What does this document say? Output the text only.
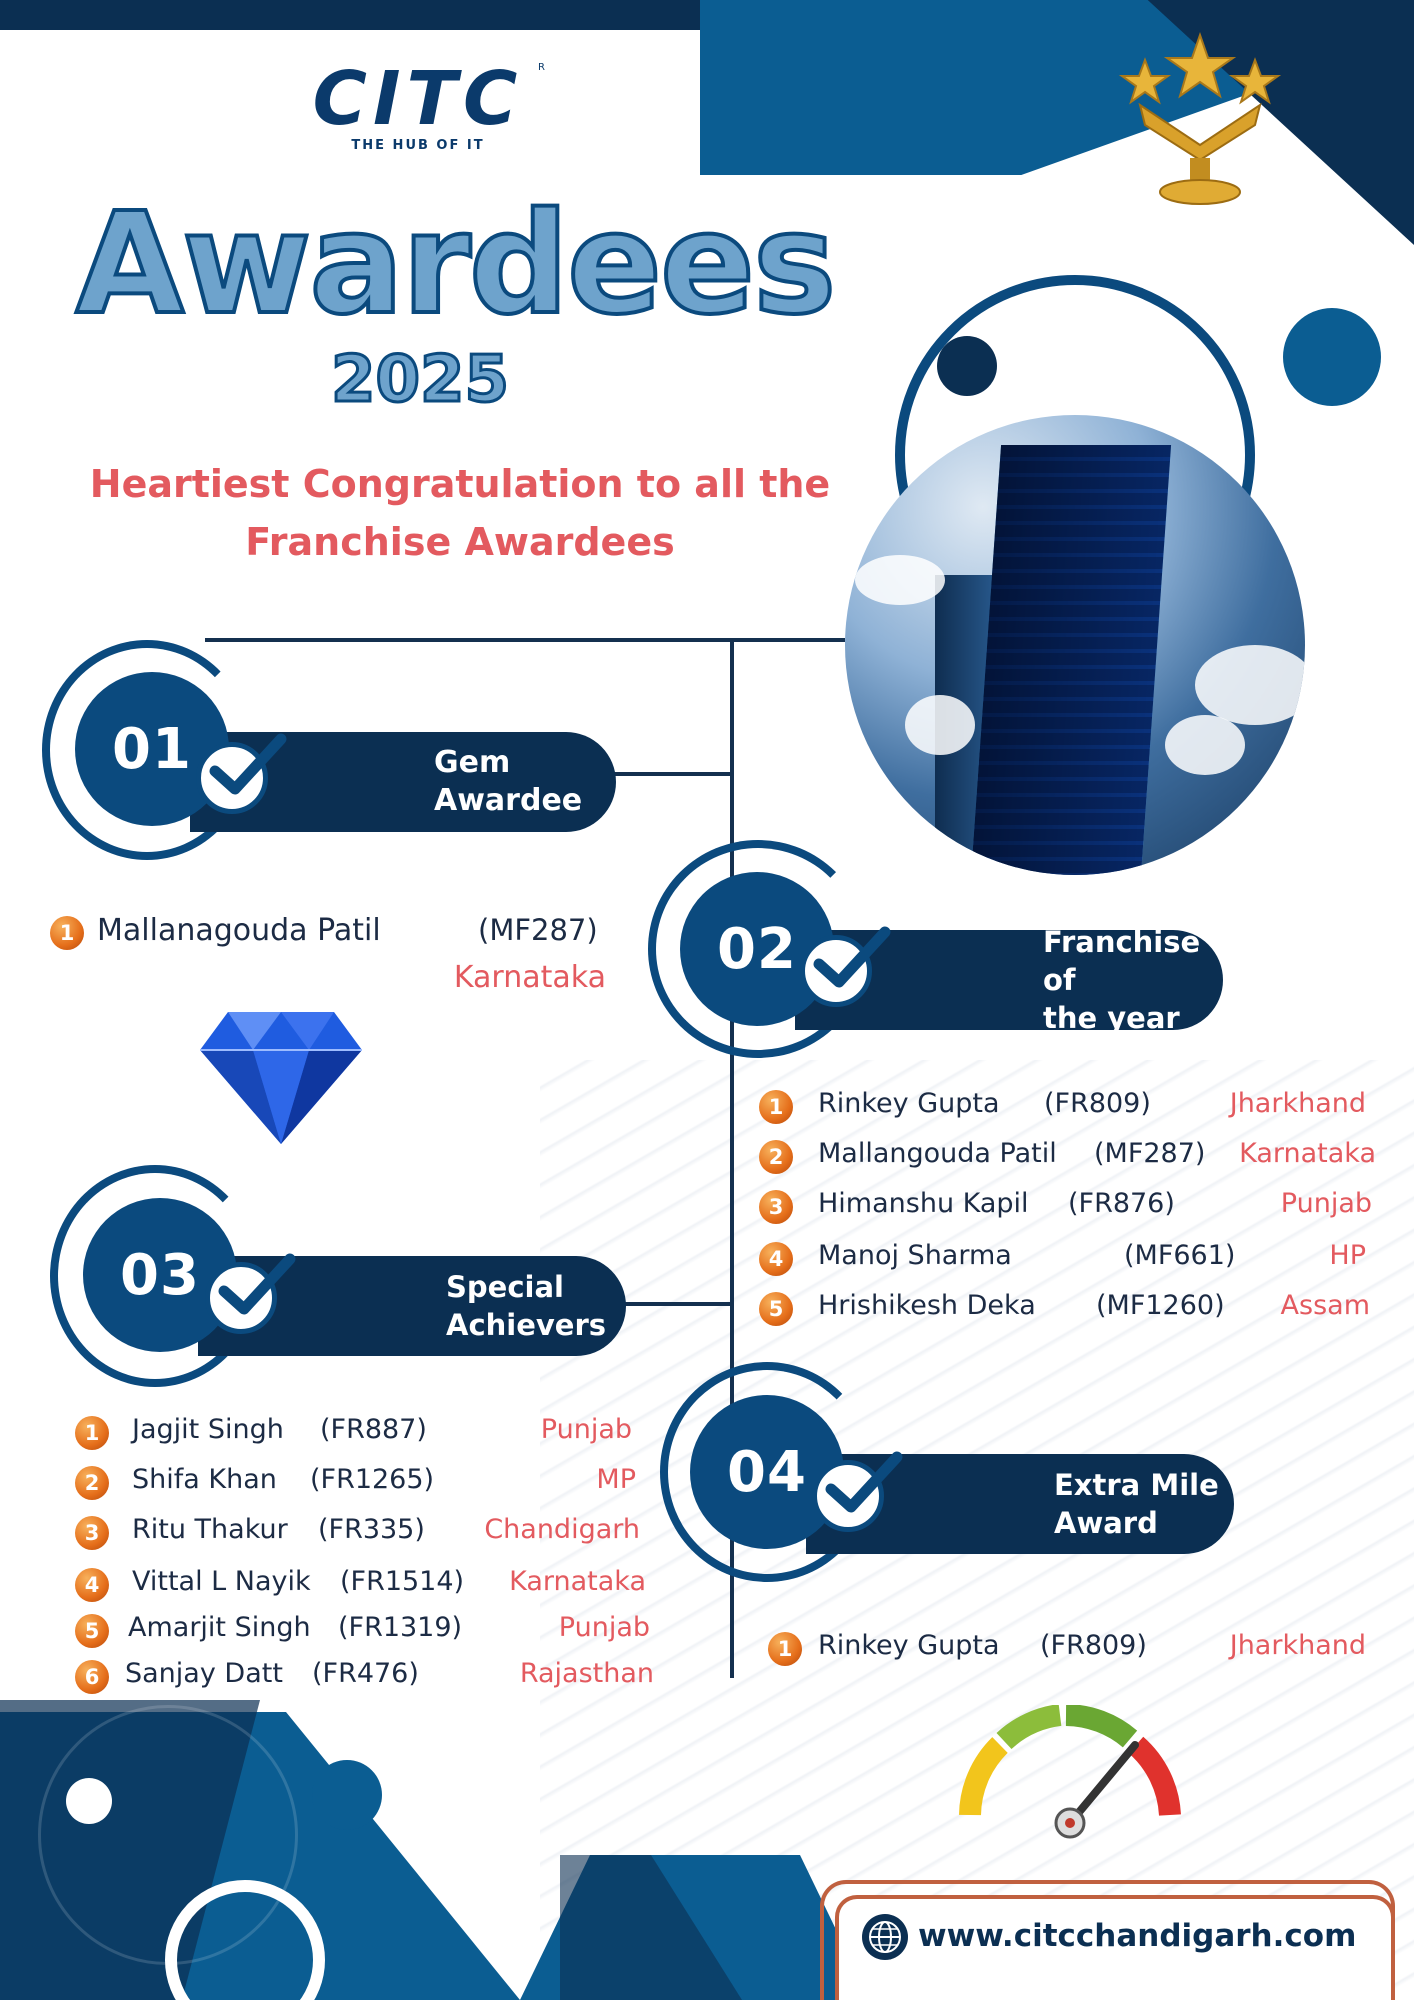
CITC
THE HUB OF IT
R
Awardees
2025
Heartiest Congratulation to all the
Franchise Awardees
Gem Awardee
01
1 Mallanagouda Patil	(MF287)
Karnataka
Franchise of
the year
02
1	Rinkey Gupta (FR809)	Jharkhand
2	Mallangouda Patil (MF287)	Karnataka
3	Himanshu Kapil (FR876)	Punjab
4	Manoj Sharma	(MF661)	HP
5	Hrishikesh Deka (MF1260)	Assam
Special
Achievers
03
1	Jagjit Singh (FR887)	Punjab
2	Shifa Khan (FR1265)	MP
3	Ritu Thakur (FR335)	Chandigarh
4	Vittal L Nayik (FR1514)	Karnataka
5	Amarjit Singh (FR1319)	Punjab
6 Sanjay Datt (FR476)	Rajasthan
Extra Mile
Award
04
1 Rinkey Gupta (FR809)	Jharkhand
www.citcchandigarh.com
